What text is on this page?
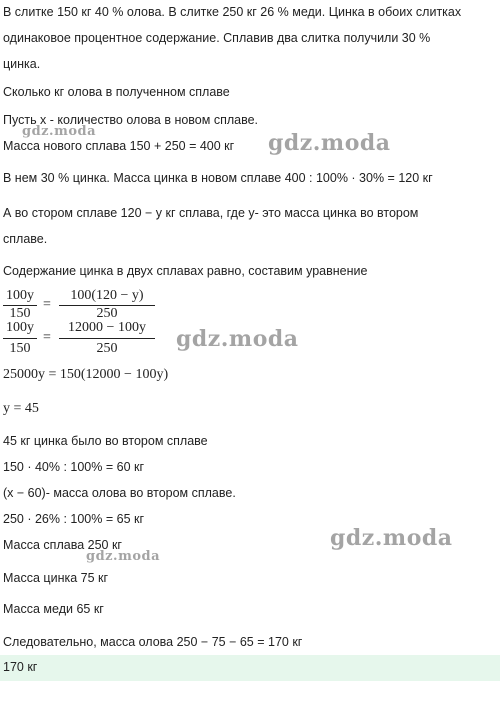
В слитке 150 кг 40 % олова. В слитке 250 кг 26 % меди. Цинка в обоих слитках
одинаковое процентное содержание. Сплавив два слитка получили 30 %
цинка.
Сколько кг олова в полученном сплаве
Пусть x - количество олова в новом сплаве.
Масса нового сплава 150 + 250 = 400 кг
В нем 30 % цинка. Масса цинка в новом сплаве 400 : 100% · 30% = 120 кг
А во стором сплаве 120 − y кг сплава, где y- это масса цинка во втором
сплаве.
Содержание цинка в двух сплавах равно, составим уравнение
100y
150
=
100(120 − y)
250
100y
150
=
12000 − 100y
250
25000y = 150(12000 − 100y)
y = 45
45 кг цинка было во втором сплаве
150 · 40% : 100% = 60 кг
(x − 60)- масса олова во втором сплаве.
250 · 26% : 100% = 65 кг
Масса сплава 250 кг
Масса цинка 75 кг
Масса меди 65 кг
Следовательно, масса олова 250 − 75 − 65 = 170 кг
170 кг
gdz.moda	gdz.moda
gdz.moda
gdz.moda
gdz.moda
